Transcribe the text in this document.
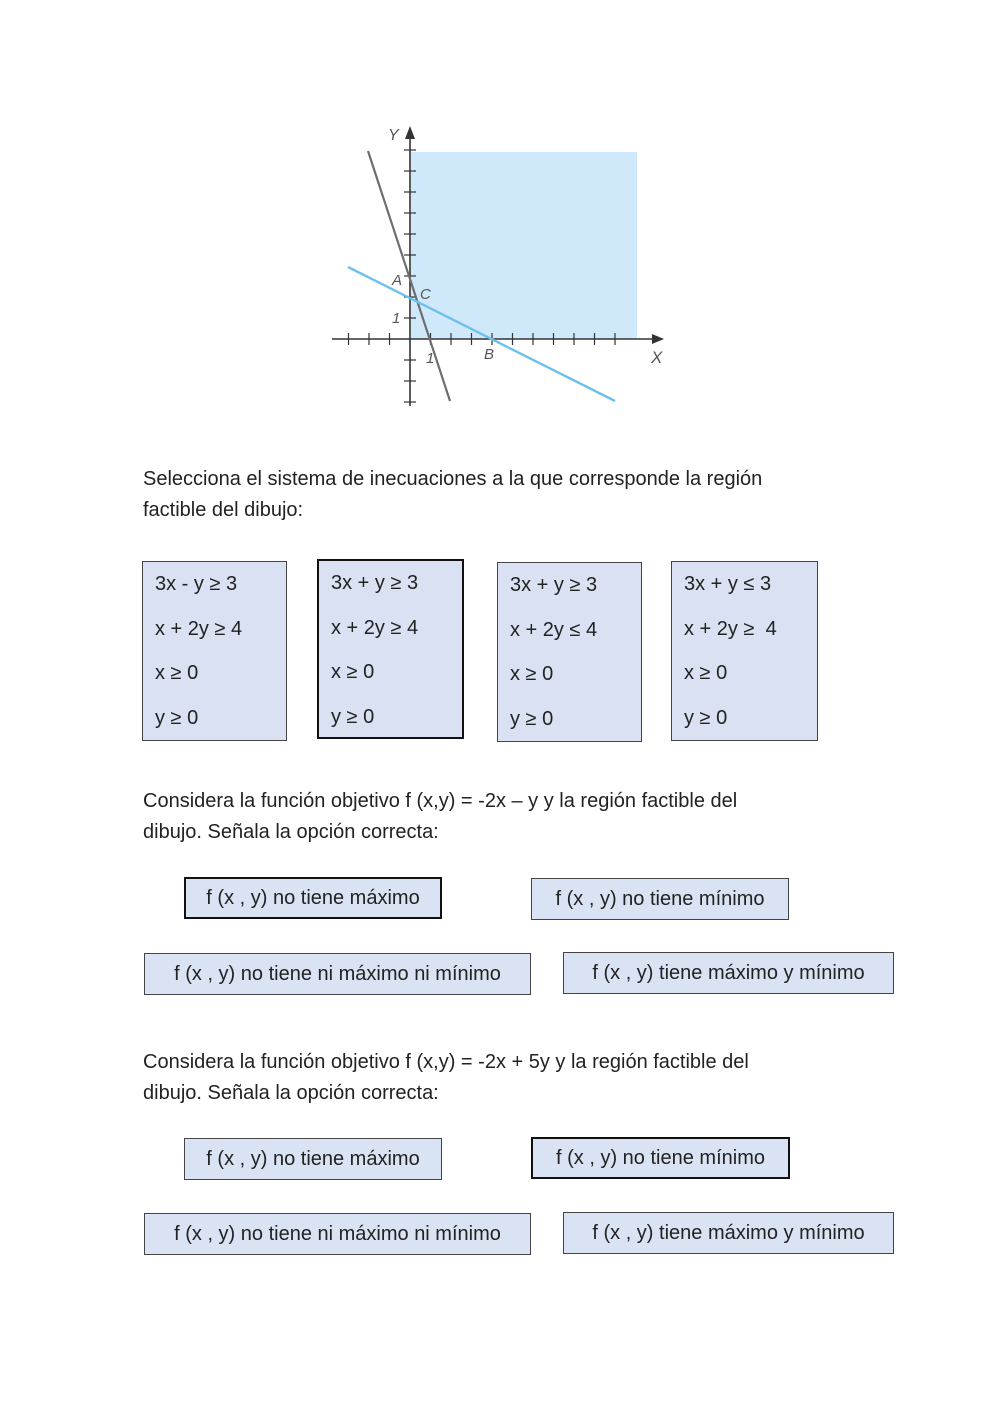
Y
X
A
C
B
1
1

Selecciona el sistema de inecuaciones a la que corresponde la región

factible del dibujo:

3x - y ≥ 3
x + 2y ≥ 4
x ≥ 0
y ≥ 0
3x + y ≥ 3
x + 2y ≥ 4
x ≥ 0
y ≥ 0
3x + y ≥ 3
x + 2y ≤ 4
x ≥ 0
y ≥ 0
3x + y ≤ 3
x + 2y ≥  4
x ≥ 0
y ≥ 0

Considera la función objetivo f (x,y) = -2x – y y la región factible del

dibujo. Señala la opción correcta:

f (x , y) no tiene máximo	f (x , y) no tiene mínimo
f (x , y) no tiene ni máximo ni mínimo	f (x , y) tiene máximo y mínimo

Considera la función objetivo f (x,y) = -2x + 5y y la región factible del

dibujo. Señala la opción correcta:

f (x , y) no tiene máximo	f (x , y) no tiene mínimo
f (x , y) no tiene ni máximo ni mínimo	f (x , y) tiene máximo y mínimo
